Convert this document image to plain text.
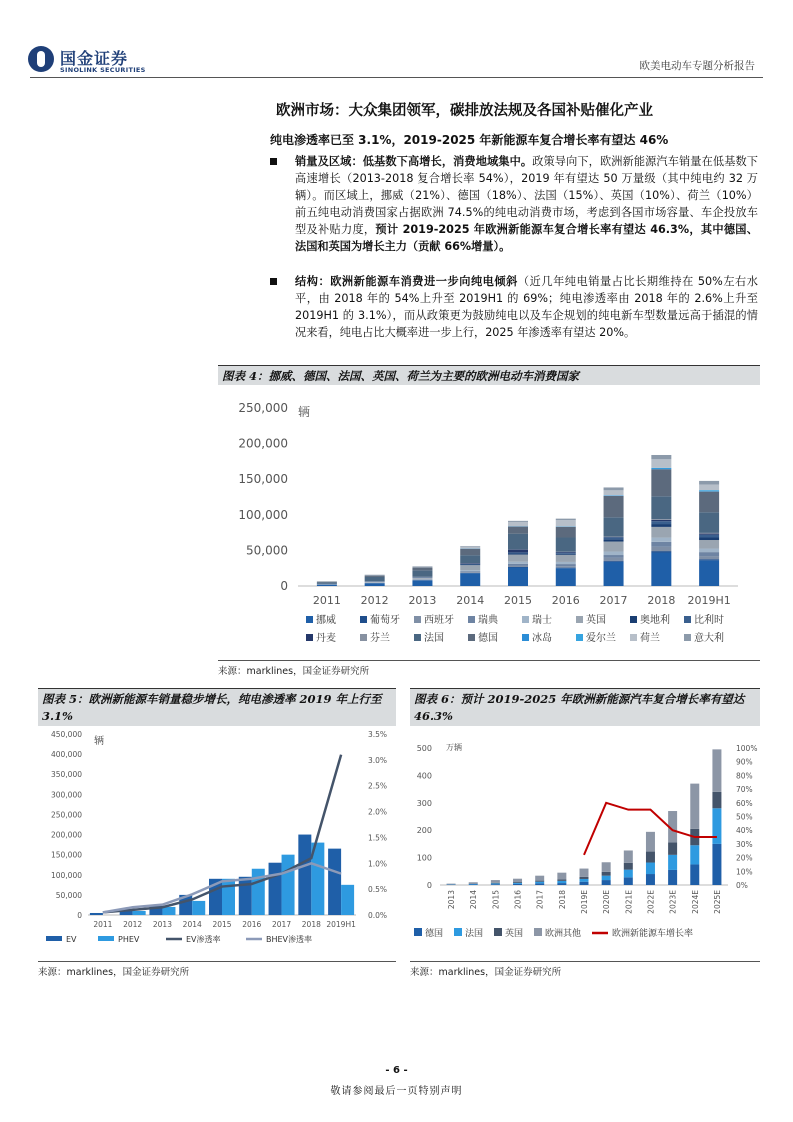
国金证券
SINOLINK SECURITIES	欧美电动车专题分析报告
欧洲市场：大众集团领军，碳排放法规及各国补贴催化产业
纯电渗透率已至 3.1%，2019-2025 年新能源车复合增长率有望达 46%
销量及区域：低基数下高增长，消费地域集中。政策导向下，欧洲新能源汽车销量在低基数下高速增长（2013-2018 复合增长率 54%），2019 年有望达 50 万量级（其中纯电约 32 万辆）。而区域上，挪威（21%）、德国（18%）、法国（15%）、英国（10%）、荷兰（10%）前五纯电动消费国家占据欧洲 74.5%的纯电动消费市场，考虑到各国市场容量、车企投放车型及补贴力度，预计 2019-2025 年欧洲新能源车复合增长率有望达 46.3%，其中德国、法国和英国为增长主力（贡献 66%增量）。
结构：欧洲新能源车消费进一步向纯电倾斜（近几年纯电销量占比长期维持在 50%左右水平，由 2018 年的 54%上升至 2019H1 的 69%；纯电渗透率由 2018 年的 2.6%上升至 2019H1 的 3.1%），而从政策更为鼓励纯电以及车企规划的纯电新车型数量远高于插混的情况来看，纯电占比大概率进一步上行，2025 年渗透率有望达 20%。
图表 4：挪威、德国、法国、英国、荷兰为主要的欧洲电动车消费国家
0
50,000
100,000
150,000
200,000
250,000 辆
2011 2012 2013 2014 2015 2016 2017 2018 2019H1
挪威	葡萄牙 西班牙 瑞典	瑞士	英国	奥地利 比利时
丹麦	芬兰	法国	德国	冰岛	爱尔兰 荷兰	意大利
来源：marklines，国金证券研究所
图表 5：欧洲新能源车销量稳步增长，纯电渗透率 2019 年上行至 3.1%
0
50,000
100,000
150,000
200,000
250,000
300,000
350,000
400,000
450,000
0.0%
0.5%
1.0%
1.5%
2.0%
2.5%
3.0%
3.5%
辆
2011 2012 2013 2014 2015 2016 2017 2018 2019H1
EV	PHEV	EV渗透率	BHEV渗透率
来源：marklines，国金证券研究所
图表 6：预计 2019-2025 年欧洲新能源汽车复合增长率有望达 46.3%
0
100
200
300
400
500
0%
10%
20%
30%
40%
50%
60%
70%
80%
90%
100%
万辆
2013 2014 2015 2016 2017 2018 2019E 2020E 2021E 2022E 2023E 2024E 2025E
德国 法国 英国 欧洲其他	欧洲新能源车增长率
来源：marklines，国金证券研究所
- 6 -
敬请参阅最后一页特别声明
